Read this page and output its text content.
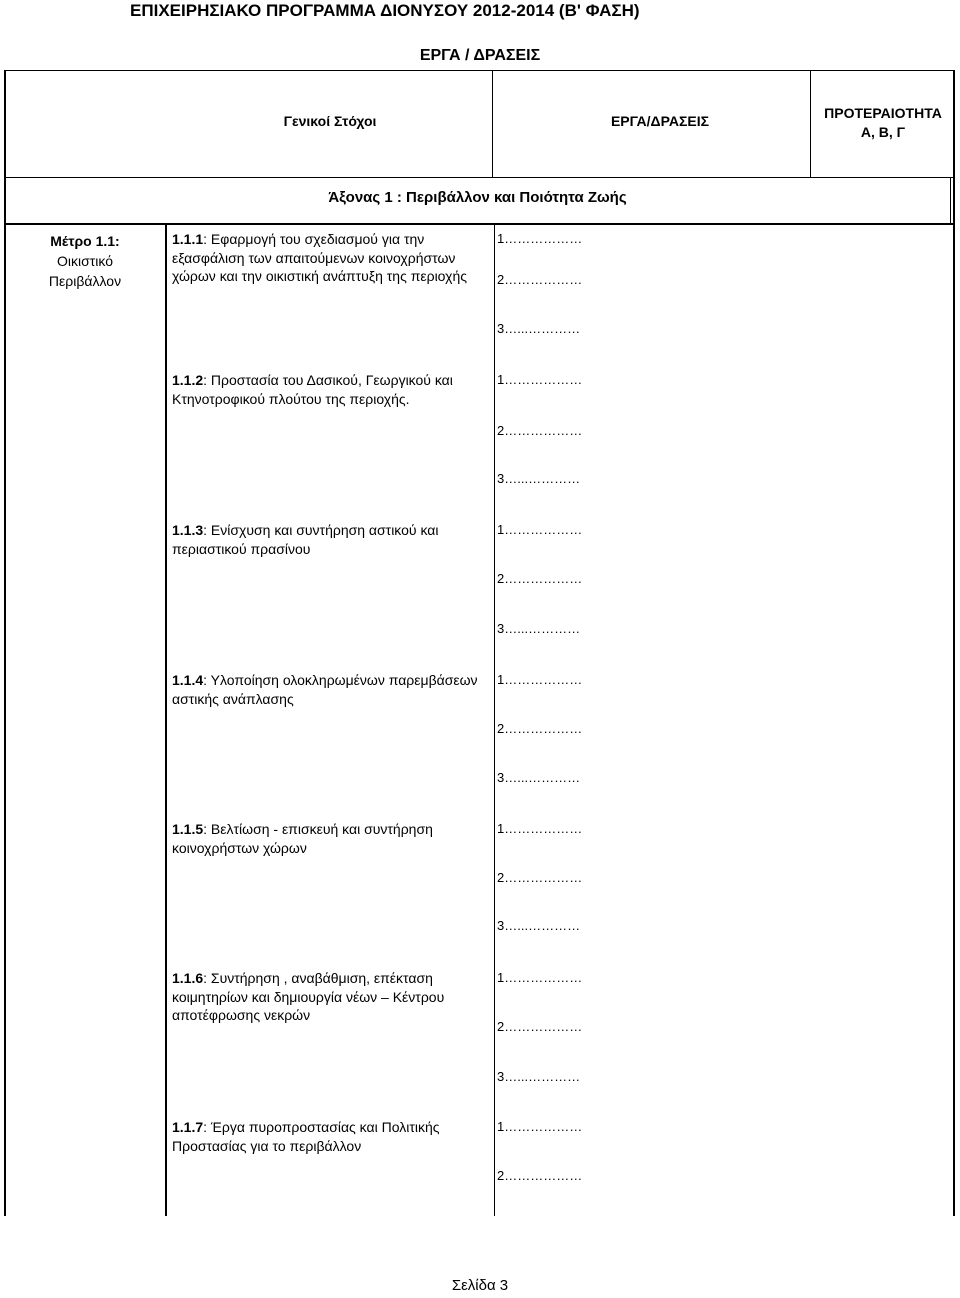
ΕΠΙΧΕΙΡΗΣΙΑΚΟ ΠΡΟΓΡΑΜΜΑ ΔΙΟΝΥΣΟΥ 2012-2014 (Β' ΦΑΣΗ)
ΕΡΓΑ / ΔΡΑΣΕΙΣ
Γενικοί Στόχοι	ΕΡΓΑ/ΔΡΑΣΕΙΣ	ΠΡΟΤΕΡΑΙΟΤΗΤΑ
Α, Β, Γ
Άξονας 1 : Περιβάλλον και Ποιότητα Ζωής
Μέτρο 1.1:
Οικιστικό
Περιβάλλον
1.1.1: Εφαρμογή του σχεδιασμού για την εξασφάλιση των απαιτούμενων κοινοχρήστων χώρων και την οικιστική ανάπτυξη της περιοχής
1………………
2………………
3…...…………
1.1.2: Προστασία του Δασικού, Γεωργικού και Κτηνοτροφικού πλούτου της περιοχής.
1………………
2………………
3…...…………
1.1.3: Ενίσχυση και συντήρηση αστικού και περιαστικού πρασίνου
1………………
2………………
3…...…………
1.1.4: Υλοποίηση ολοκληρωμένων παρεμβάσεων αστικής ανάπλασης
1………………
2………………
3…...…………
1.1.5: Βελτίωση - επισκευή και συντήρηση κοινοχρήστων χώρων
1………………
2………………
3…...…………
1.1.6: Συντήρηση , αναβάθμιση, επέκταση κοιμητηρίων και δημιουργία νέων – Κέντρου αποτέφρωσης νεκρών
1………………
2………………
3…...…………
1.1.7: Έργα πυροπροστασίας και Πολιτικής Προστασίας για το περιβάλλον
1………………
2………………
Σελίδα 3
